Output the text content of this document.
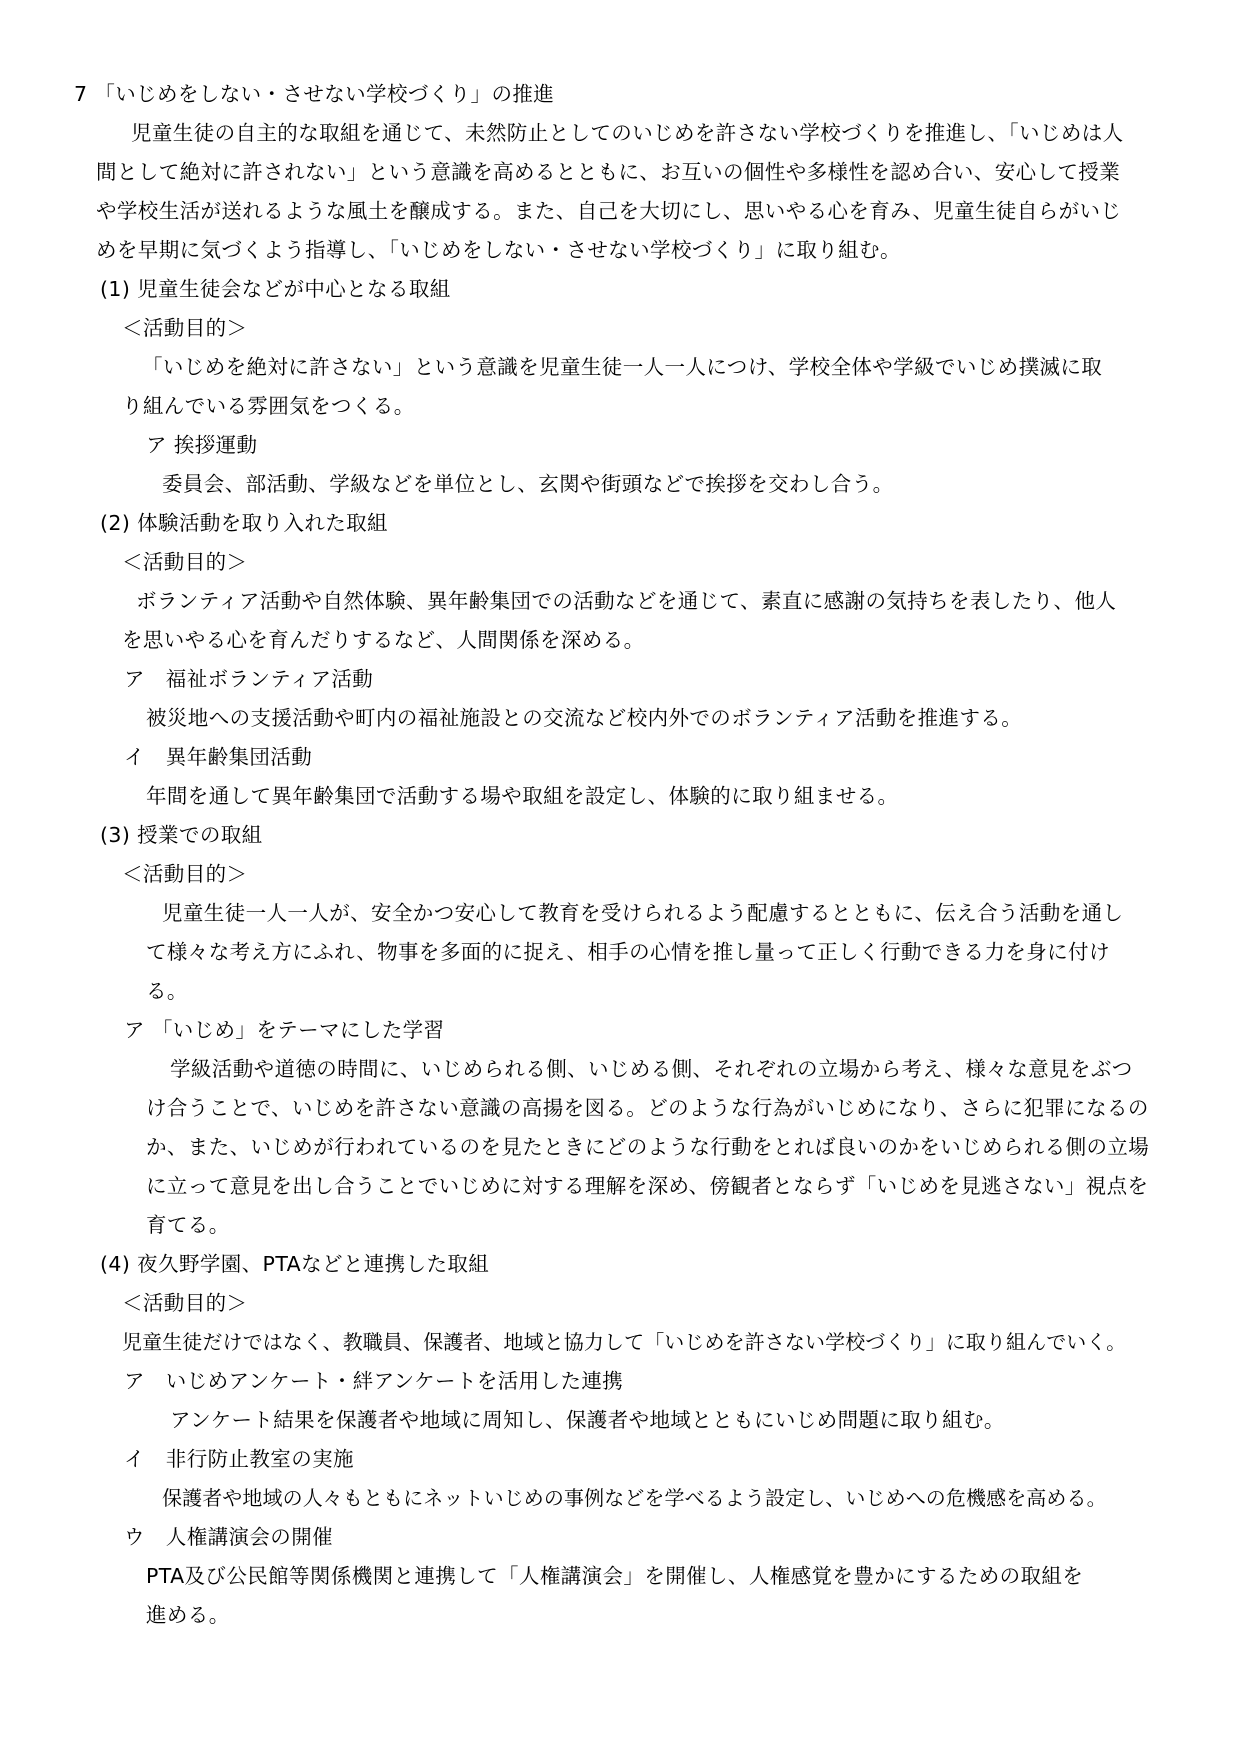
7 「いじめをしない・させない学校づくり」の推進
児童生徒の自主的な取組を通じて、未然防止としてのいじめを許さない学校づくりを推進し、「いじめは人
間として絶対に許されない」という意識を高めるとともに、お互いの個性や多様性を認め合い、安心して授業
や学校生活が送れるような風土を醸成する。また、自己を大切にし、思いやる心を育み、児童生徒自らがいじ
めを早期に気づくよう指導し、「いじめをしない・させない学校づくり」に取り組む。
(1) 児童生徒会などが中心となる取組
＜活動目的＞
「いじめを絶対に許さない」という意識を児童生徒一人一人につけ、学校全体や学級でいじめ撲滅に取
り組んでいる雰囲気をつくる。
ア 挨拶運動
委員会、部活動、学級などを単位とし、玄関や街頭などで挨拶を交わし合う。
(2) 体験活動を取り入れた取組
＜活動目的＞
ボランティア活動や自然体験、異年齢集団での活動などを通じて、素直に感謝の気持ちを表したり、他人
を思いやる心を育んだりするなど、人間関係を深める。
ア　福祉ボランティア活動
被災地への支援活動や町内の福祉施設との交流など校内外でのボランティア活動を推進する。
イ　異年齢集団活動
年間を通して異年齢集団で活動する場や取組を設定し、体験的に取り組ませる。
(3) 授業での取組
＜活動目的＞
児童生徒一人一人が、安全かつ安心して教育を受けられるよう配慮するとともに、伝え合う活動を通し
て様々な考え方にふれ、物事を多面的に捉え、相手の心情を推し量って正しく行動できる力を身に付け
る。
ア 「いじめ」をテーマにした学習
学級活動や道徳の時間に、いじめられる側、いじめる側、それぞれの立場から考え、様々な意見をぶつ
け合うことで、いじめを許さない意識の高揚を図る。どのような行為がいじめになり、さらに犯罪になるの
か、また、いじめが行われているのを見たときにどのような行動をとれば良いのかをいじめられる側の立場
に立って意見を出し合うことでいじめに対する理解を深め、傍観者とならず「いじめを見逃さない」視点を
育てる。
(4) 夜久野学園、PTAなどと連携した取組
＜活動目的＞
児童生徒だけではなく、教職員、保護者、地域と協力して「いじめを許さない学校づくり」に取り組んでいく。
ア　いじめアンケート・絆アンケートを活用した連携
アンケート結果を保護者や地域に周知し、保護者や地域とともにいじめ問題に取り組む。
イ　非行防止教室の実施
保護者や地域の人々もともにネットいじめの事例などを学べるよう設定し、いじめへの危機感を高める。
ウ　人権講演会の開催
PTA及び公民館等関係機関と連携して「人権講演会」を開催し、人権感覚を豊かにするための取組を
進める。
